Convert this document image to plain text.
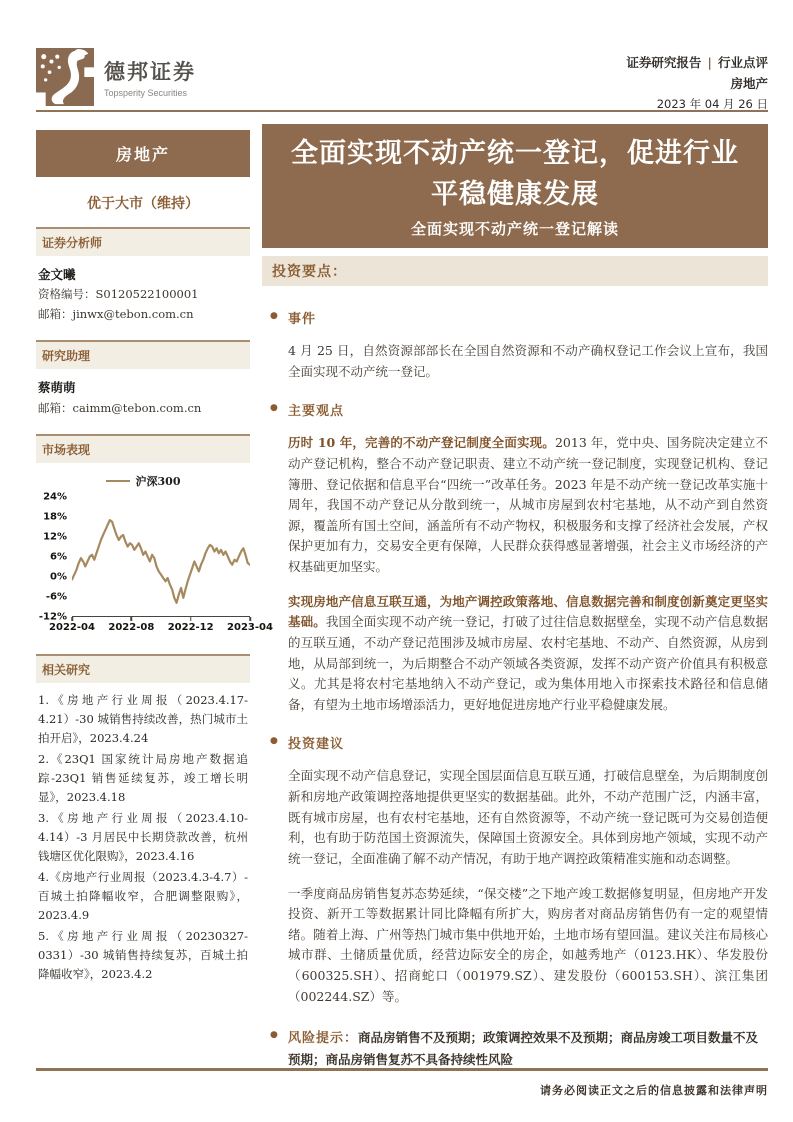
德邦证券
Topsperity Securities
证券研究报告 | 行业点评
房地产
2023 年 04 月 26 日
房地产
优于大市（维持）
证券分析师
金文曦
资格编号：S0120522100001
邮箱：jinwx@tebon.com.cn
研究助理
蔡萌萌
邮箱：caimm@tebon.com.cn
市场表现
沪深300
24%
18%
12%
6%
0%
-6%
-12%
2022-04 2022-08 2022-12 2023-04
相关研究
1.《房地产行业周报（2023.4.17-4.21）-30 城销售持续改善，热门城市土拍开启》，2023.4.24
2.《23Q1 国家统计局房地产数据追踪-23Q1 销售延续复苏，竣工增长明显》，2023.4.18
3.《房地产行业周报（2023.4.10-4.14）-3 月居民中长期贷款改善，杭州钱塘区优化限购》，2023.4.16
4.《房地产行业周报（2023.4.3-4.7）-百城土拍降幅收窄，合肥调整限购》，2023.4.9
5.《房地产行业周报（20230327-0331）-30 城销售持续复苏，百城土拍降幅收窄》，2023.4.2
全面实现不动产统一登记，促进行业平稳健康发展
全面实现不动产统一登记解读
投资要点：
● 事件

4 月 25 日，自然资源部部长在全国自然资源和不动产确权登记工作会议上宣布，我国全面实现不动产统一登记。

● 主要观点

历时 10 年，完善的不动产登记制度全面实现。2013 年，党中央、国务院决定建立不动产登记机构，整合不动产登记职责、建立不动产统一登记制度，实现登记机构、登记簿册、登记依据和信息平台“四统一”改革任务。2023 年是不动产统一登记改革实施十周年，我国不动产登记从分散到统一，从城市房屋到农村宅基地，从不动产到自然资源，覆盖所有国土空间，涵盖所有不动产物权，积极服务和支撑了经济社会发展，产权保护更加有力，交易安全更有保障，人民群众获得感显著增强，社会主义市场经济的产权基础更加坚实。

实现房地产信息互联互通，为地产调控政策落地、信息数据完善和制度创新奠定更坚实基础。我国全面实现不动产统一登记，打破了过往信息数据壁垒，实现不动产信息数据的互联互通，不动产登记范围涉及城市房屋、农村宅基地、不动产、自然资源，从房到地，从局部到统一，为后期整合不动产领域各类资源，发挥不动产资产价值具有积极意义。尤其是将农村宅基地纳入不动产登记，或为集体用地入市探索技术路径和信息储备，有望为土地市场增添活力，更好地促进房地产行业平稳健康发展。

● 投资建议

全面实现不动产信息登记，实现全国层面信息互联互通，打破信息壁垒，为后期制度创新和房地产政策调控落地提供更坚实的数据基础。此外，不动产范围广泛，内涵丰富，既有城市房屋，也有农村宅基地，还有自然资源等，不动产统一登记既可为交易创造便利，也有助于防范国土资源流失，保障国土资源安全。具体到房地产领域，实现不动产统一登记，全面准确了解不动产情况，有助于地产调控政策精准实施和动态调整。

一季度商品房销售复苏态势延续，“保交楼”之下地产竣工数据修复明显，但房地产开发投资、新开工等数据累计同比降幅有所扩大，购房者对商品房销售仍有一定的观望情绪。随着上海、广州等热门城市集中供地开始，土地市场有望回温。建议关注布局核心城市群、土储质量优质，经营边际安全的房企，如越秀地产（0123.HK）、华发股份（600325.SH）、招商蛇口（001979.SZ）、建发股份（600153.SH）、滨江集团（002244.SZ）等。

● 风险提示：商品房销售不及预期；政策调控效果不及预期；商品房竣工项目数量不及预期；商品房销售复苏不具备持续性风险
请务必阅读正文之后的信息披露和法律声明
